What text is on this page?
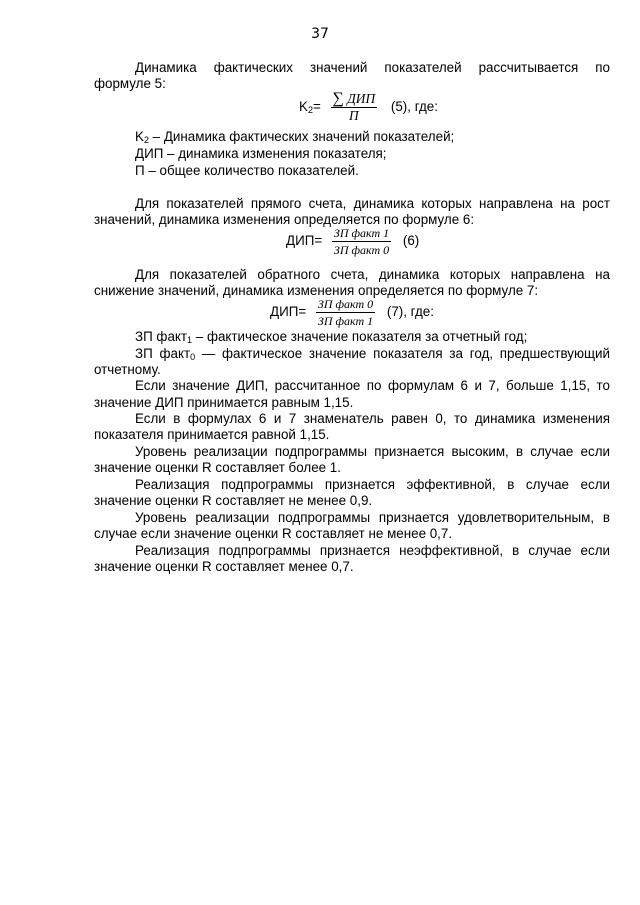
37
Динамика фактических значений показателей рассчитывается по
формуле 5:
$K_2= \frac{\text{∑ ДИП}}{П} (5)$, где:
$K_2$ – Динамика фактических значений показателей;
ДИП – динамика изменения показателя;
П – общее количество показателей.
Для показателей прямого счета, динамика которых направлена на рост
значений, динамика изменения определяется по формуле 6:
$ДИП= \frac{\text{ЗП факт 1}}{\text{ЗП факт 0}} (6)$
Для показателей обратного счета, динамика которых направлена на
снижение значений, динамика изменения определяется по формуле 7:
$ДИП= \frac{\text{ЗП факт 0}}{\text{ЗП факт 1}} (7)$, где:
ЗП факт$_1$ – фактическое значение показателя за отчетный год;
ЗП факт$_0$ — фактическое значение показателя за год, предшествующий
отчетному.
Если значение ДИП, рассчитанное по формулам 6 и 7, больше 1,15, то
значение ДИП принимается равным 1,15.
Если в формулах 6 и 7 знаменатель равен 0, то динамика изменения
показателя принимается равной 1,15.
Уровень реализации подпрограммы признается высоким, в случае если
значение оценки R составляет более 1.
Реализация подпрограммы признается эффективной, в случае если
значение оценки R составляет не менее 0,9.
Уровень реализации подпрограммы признается удовлетворительным, в
случае если значение оценки R составляет не менее 0,7.
Реализация подпрограммы признается неэффективной, в случае если
значение оценки R составляет менее 0,7.
